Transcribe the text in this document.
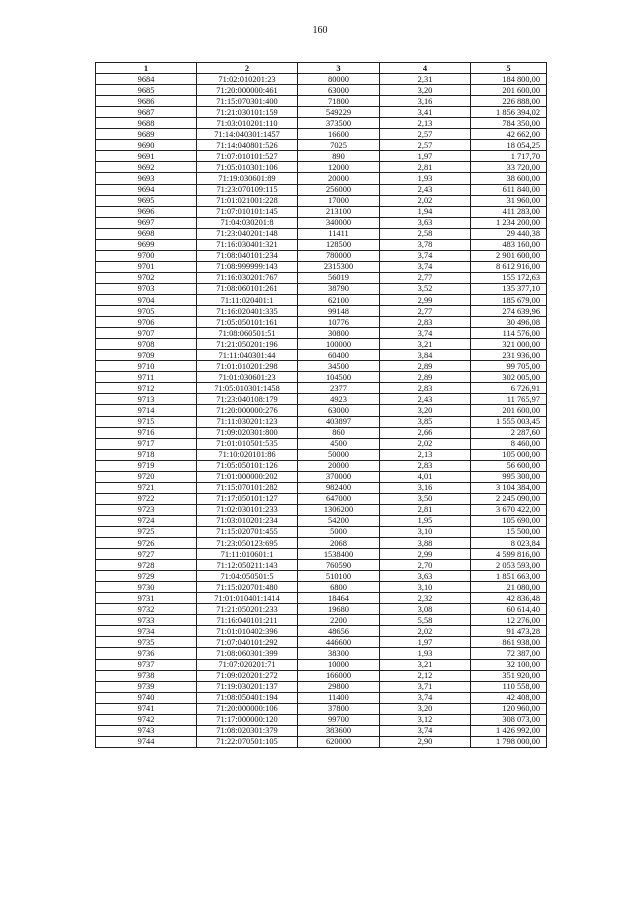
160
1	2	3	4	5
9684	71:02:010201:23	80000	2,31	184 800,00
9685	71:20:000000:461	63000	3,20	201 600,00
9686	71:15:070301:400	71800	3,16	226 888,00
9687	71:21:030101:159	549229	3,41	1 856 394,02
9688	71:03:010201:110	373500	2,13	784 350,00
9689	71:14:040301:1457	16600	2,57	42 662,00
9690	71:14:040801:526	7025	2,57	18 054,25
9691	71:07:010101:527	890	1,97	1 717,70
9692	71:05:010301:106	12000	2,81	33 720,00
9693	71:19:030601:89	20000	1,93	38 600,00
9694	71:23:070109:115	256000	2,43	611 840,00
9695	71:01:021001:228	17000	2,02	31 960,00
9696	71:07:010101:145	213100	1,94	411 283,00
9697	71:04:030201:8	340000	3,63	1 234 200,00
9698	71:23:040201:148	11411	2,58	29 440,38
9699	71:16:030401:321	128500	3,78	483 160,00
9700	71:08:040101:234	780000	3,74	2 901 600,00
9701	71:08:999999:143	2315300	3,74	8 612 916,00
9702	71:16:030201:767	56019	2,77	155 172,63
9703	71:08:060101:261	38790	3,52	135 377,10
9704	71:11:020401:1	62100	2,99	185 679,00
9705	71:16:020401:335	99148	2,77	274 639,96
9706	71:05:050101:161	10776	2,83	30 496,08
9707	71:08:060501:51	30800	3,74	114 576,00
9708	71:21:050201:196	100000	3,21	321 000,00
9709	71:11:040301:44	60400	3,84	231 936,00
9710	71:01:010201:298	34500	2,89	99 705,00
9711	71:01:030601:23	104500	2,89	302 005,00
9712	71:05:010301:1458	2377	2,83	6 726,91
9713	71:23:040108:179	4923	2,43	11 765,97
9714	71:20:000000:276	63000	3,20	201 600,00
9715	71:11:030201:123	403897	3,85	1 555 003,45
9716	71:09:020301:800	860	2,66	2 287,60
9717	71:01:010501:535	4500	2,02	8 460,00
9718	71:10:020101:86	50000	2,13	105 000,00
9719	71:05:050101:126	20000	2,83	56 600,00
9720	71:01:000000:202	370000	4,01	995 300,00
9721	71:15:070101:282	982400	3,16	3 104 384,00
9722	71:17:050101:127	647000	3,50	2 245 090,00
9723	71:02:030101:233	1306200	2,81	3 670 422,00
9724	71:03:010201:234	54200	1,95	105 690,00
9725	71:15:020701:455	5000	3,10	15 500,00
9726	71:23:050123:695	2068	3,88	8 023,84
9727	71:11:010601:1	1538400	2,99	4 599 816,00
9728	71:12:050211:143	760590	2,70	2 053 593,00
9729	71:04:050501:5	510100	3,63	1 851 663,00
9730	71:15:020701:480	6800	3,10	21 080,00
9731	71:01:010401:1414	18464	2,32	42 836,48
9732	71:21:050201:233	19680	3,08	60 614,40
9733	71:16:040101:211	2200	5,58	12 276,00
9734	71:01:010402:396	48656	2,02	91 473,28
9735	71:07:040101:292	446600	1,97	861 938,00
9736	71:08:060301:399	38300	1,93	72 387,00
9737	71:07:020201:71	10000	3,21	32 100,00
9738	71:09:020201:272	166000	2,12	351 920,00
9739	71:19:030201:137	29800	3,71	110 558,00
9740	71:08:050401:194	11400	3,74	42 408,00
9741	71:20:000000:106	37800	3,20	120 960,00
9742	71:17:000000:120	99700	3,12	308 073,00
9743	71:08:020301:379	383600	3,74	1 426 992,00
9744	71:22:070501:105	620000	2,90	1 798 000,00
